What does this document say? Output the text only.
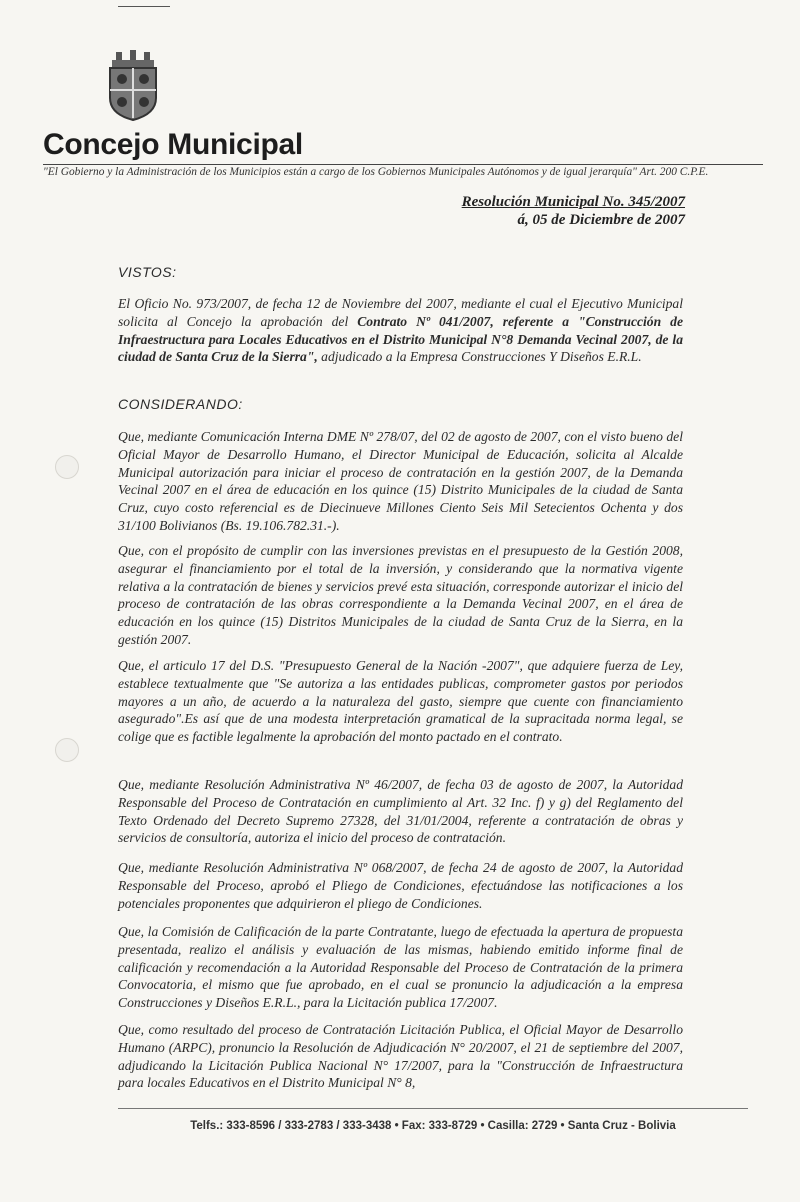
Concejo Municipal
"El Gobierno y la Administración de los Municipios están a cargo de los Gobiernos Municipales Autónomos y de igual jerarquía" Art. 200 C.P.E.
Resolución Municipal No. 345/2007
á, 05 de Diciembre de 2007
VISTOS:
El Oficio No. 973/2007, de fecha 12 de Noviembre del 2007, mediante el cual el Ejecutivo Municipal solicita al Concejo la aprobación del Contrato Nº 041/2007, referente a "Construcción de Infraestructura para Locales Educativos en el Distrito Municipal N°8 Demanda Vecinal 2007, de la ciudad de Santa Cruz de la Sierra", adjudicado a la Empresa Construcciones Y Diseños E.R.L.
CONSIDERANDO:
Que, mediante Comunicación Interna DME Nº 278/07, del 02 de agosto de 2007, con el visto bueno del Oficial Mayor de Desarrollo Humano, el Director Municipal de Educación, solicita al Alcalde Municipal autorización para iniciar el proceso de contratación en la gestión 2007, de la Demanda Vecinal 2007 en el área de educación en los quince (15) Distrito Municipales de la ciudad de Santa Cruz, cuyo costo referencial es de Diecinueve Millones Ciento Seis Mil Setecientos Ochenta y dos 31/100 Bolivianos (Bs. 19.106.782.31.-).
Que, con el propósito de cumplir con las inversiones previstas en el presupuesto de la Gestión 2008, asegurar el financiamiento por el total de la inversión, y considerando que la normativa vigente relativa a la contratación de bienes y servicios prevé esta situación, corresponde autorizar el inicio del proceso de contratación de las obras correspondiente a la Demanda Vecinal 2007, en el área de educación en los quince (15) Distritos Municipales de la ciudad de Santa Cruz de la Sierra, en la gestión 2007.
Que, el articulo 17 del D.S. "Presupuesto General de la Nación -2007", que adquiere fuerza de Ley, establece textualmente que "Se autoriza a las entidades publicas, comprometer gastos por periodos mayores a un año, de acuerdo a la naturaleza del gasto, siempre que cuente con financiamiento asegurado".Es así que de una modesta interpretación gramatical de la supracitada norma legal, se colige que es factible legalmente la aprobación del monto pactado en el contrato.
Que, mediante Resolución Administrativa Nº 46/2007, de fecha 03 de agosto de 2007, la Autoridad Responsable del Proceso de Contratación en cumplimiento al Art. 32 Inc. f) y g) del Reglamento del Texto Ordenado del Decreto Supremo 27328, del 31/01/2004, referente a contratación de obras y servicios de consultoría, autoriza el inicio del proceso de contratación.
Que, mediante Resolución Administrativa Nº 068/2007, de fecha 24 de agosto de 2007, la Autoridad Responsable del Proceso, aprobó el Pliego de Condiciones, efectuándose las notificaciones a los potenciales proponentes que adquirieron el pliego de Condiciones.
Que, la Comisión de Calificación de la parte Contratante, luego de efectuada la apertura de propuesta presentada, realizo el análisis y evaluación de las mismas, habiendo emitido informe final de calificación y recomendación a la Autoridad Responsable del Proceso de Contratación de la primera Convocatoria, el mismo que fue aprobado, en el cual se pronuncio la adjudicación a la empresa Construcciones y Diseños E.R.L., para la Licitación publica 17/2007.
Que, como resultado del proceso de Contratación Licitación Publica, el Oficial Mayor de Desarrollo Humano (ARPC), pronuncio la Resolución de Adjudicación N° 20/2007, el 21 de septiembre del 2007, adjudicando la Licitación Publica Nacional N° 17/2007, para la "Construcción de Infraestructura para locales Educativos en el Distrito Municipal N° 8,
Telfs.: 333-8596 / 333-2783 / 333-3438 • Fax: 333-8729 • Casilla: 2729 • Santa Cruz - Bolivia
